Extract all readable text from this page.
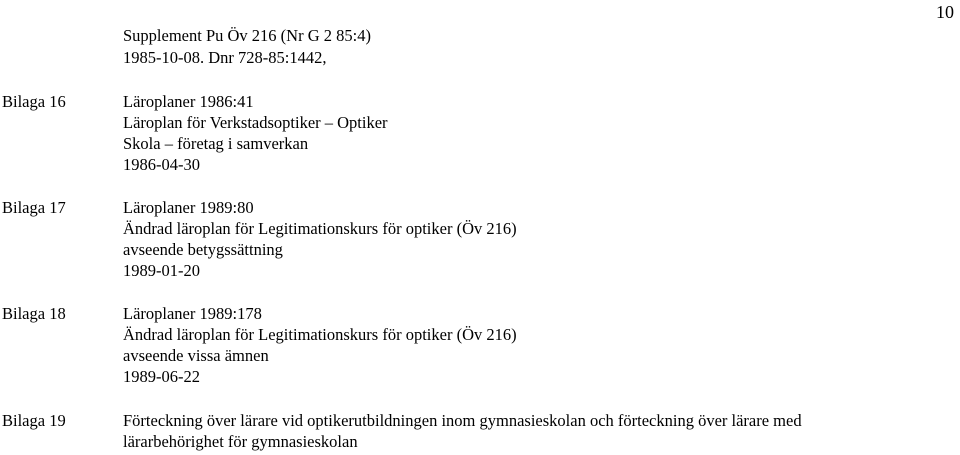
10
Supplement Pu Öv 216 (Nr G 2 85:4)
1985-10-08. Dnr 728-85:1442,
Bilaga 16	Läroplaner 1986:41
Läroplan för Verkstadsoptiker – Optiker
Skola – företag i samverkan
1986-04-30
Bilaga 17	Läroplaner 1989:80
Ändrad läroplan för Legitimationskurs för optiker (Öv 216)
avseende betygssättning
1989-01-20
Bilaga 18	Läroplaner 1989:178
Ändrad läroplan för Legitimationskurs för optiker (Öv 216)
avseende vissa ämnen
1989-06-22
Bilaga 19	Förteckning över lärare vid optikerutbildningen inom gymnasieskolan och förteckning över lärare med
lärarbehörighet för gymnasieskolan
